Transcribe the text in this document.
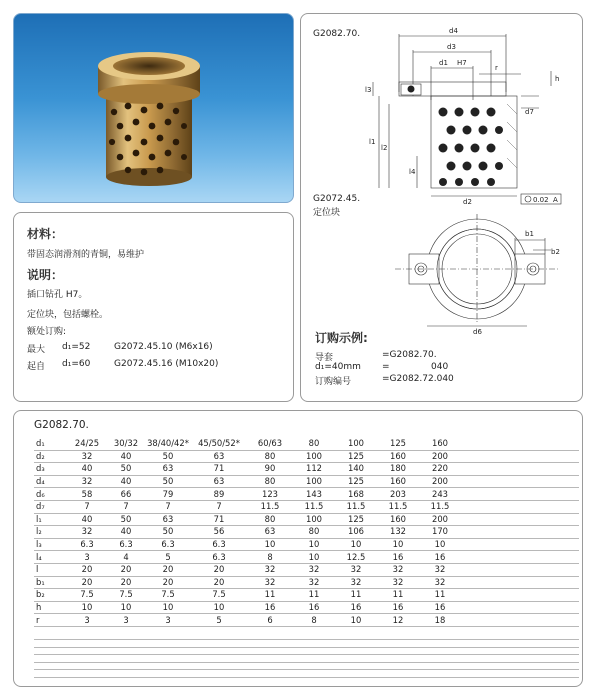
材料：
带固态润滑剂的青铜，易维护
说明：
插口钻孔 H7。
定位块，包括螺栓。
额处订购:
最大 d₁=52	G2072.45.10 (M6x16)
起自 d₁=60	G2072.45.16 (M10x20)
G2082.70.	d4
d3
d1 H7
r
l3
l1
l2
l4
d7
h
d2	0.02 A
G2072.45.
定位块
b1
b2
d6
订购示例:
导套	=G2082.70.
d₁=40mm =	040
订购编号	=G2082.72.040
G2082.70.
d₁	24/25	30/32	38/40/42*	45/50/52*	60/63	80	100	125	160	
d₂	32	40	50	63	80	100	125	160	200	
d₃	40	50	63	71	90	112	140	180	220	
d₄	32	40	50	63	80	100	125	160	200	
d₆	58	66	79	89	123	143	168	203	243	
d₇	7	7	7	7	11.5	11.5	11.5	11.5	11.5	
l₁	40	50	63	71	80	100	125	160	200	
l₂	32	40	50	56	63	80	106	132	170	
l₃	6.3	6.3	6.3	6.3	10	10	10	10	10	
l₄	3	4	5	6.3	8	10	12.5	16	16	
l	20	20	20	20	32	32	32	32	32	
b₁	20	20	20	20	32	32	32	32	32	
b₂	7.5	7.5	7.5	7.5	11	11	11	11	11	
h	10	10	10	10	16	16	16	16	16	
r	3	3	3	5	6	8	10	12	18	
